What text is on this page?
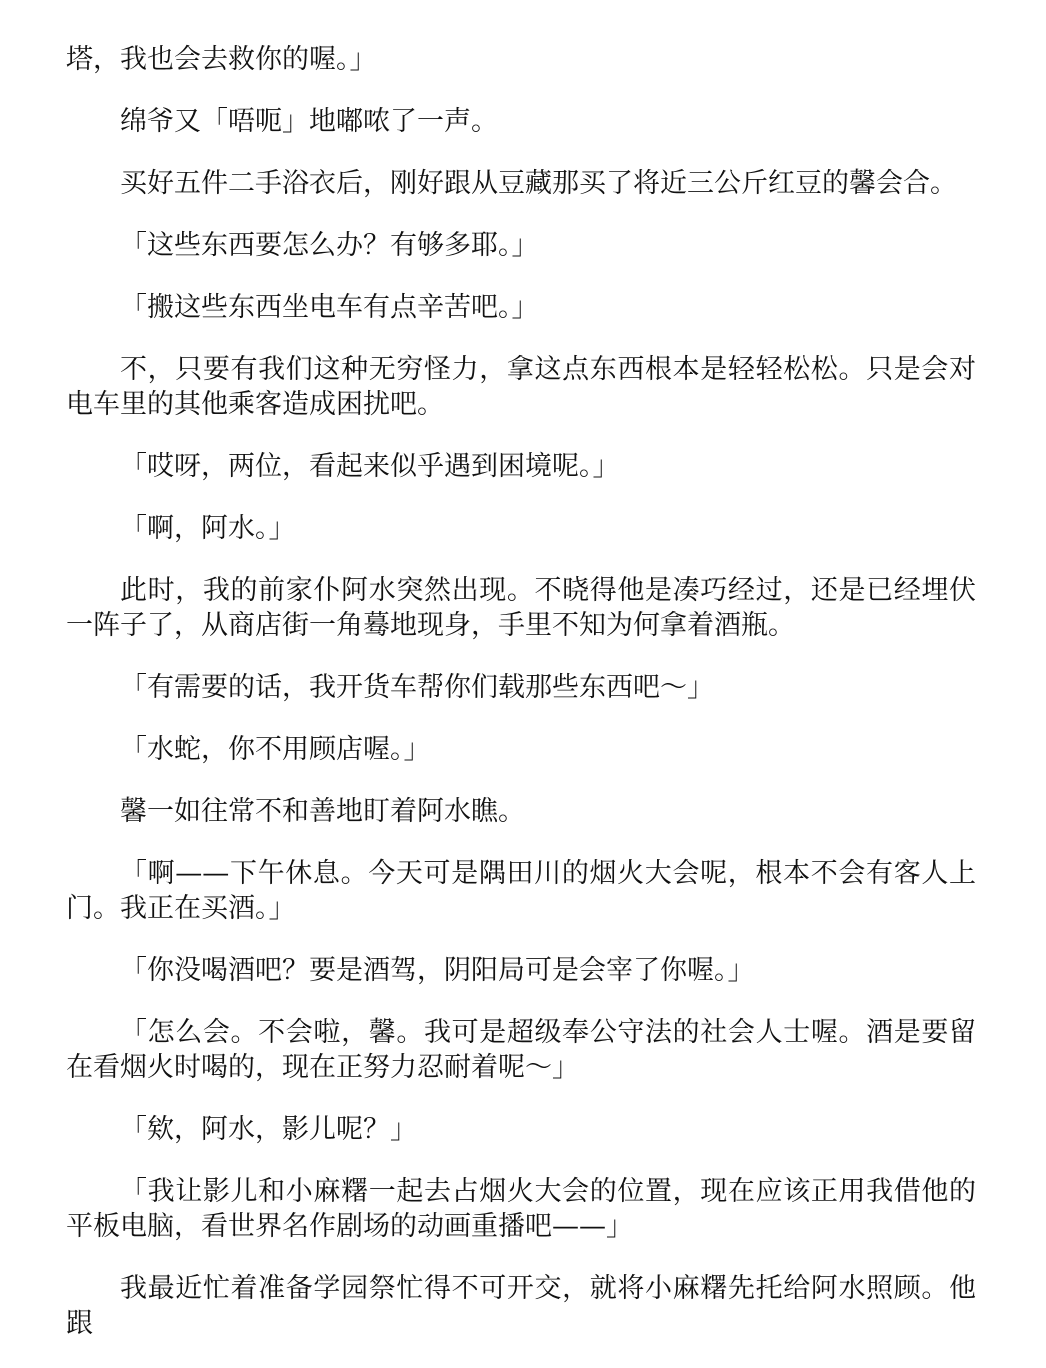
塔，我也会去救你的喔。」

绵爷又「唔呃」地嘟哝了一声。

买好五件二手浴衣后，刚好跟从豆藏那买了将近三公斤红豆的馨会合。

「这些东西要怎么办？有够多耶。」

「搬这些东西坐电车有点辛苦吧。」

不，只要有我们这种无穷怪力，拿这点东西根本是轻轻松松。只是会对电车里的其他乘客造成困扰吧。

「哎呀，两位，看起来似乎遇到困境呢。」

「啊，阿水。」

此时，我的前家仆阿水突然出现。不晓得他是凑巧经过，还是已经埋伏一阵子了，从商店街一角蓦地现身，手里不知为何拿着酒瓶。

「有需要的话，我开货车帮你们载那些东西吧～」

「水蛇，你不用顾店喔。」

馨一如往常不和善地盯着阿水瞧。

「啊——下午休息。今天可是隅田川的烟火大会呢，根本不会有客人上门。我正在买酒。」

「你没喝酒吧？要是酒驾，阴阳局可是会宰了你喔。」

「怎么会。不会啦，馨。我可是超级奉公守法的社会人士喔。酒是要留在看烟火时喝的，现在正努力忍耐着呢～」

「欸，阿水，影儿呢？」

「我让影儿和小麻糬一起去占烟火大会的位置，现在应该正用我借他的平板电脑，看世界名作剧场的动画重播吧——」

我最近忙着准备学园祭忙得不可开交，就将小麻糬先托给阿水照顾。他跟
